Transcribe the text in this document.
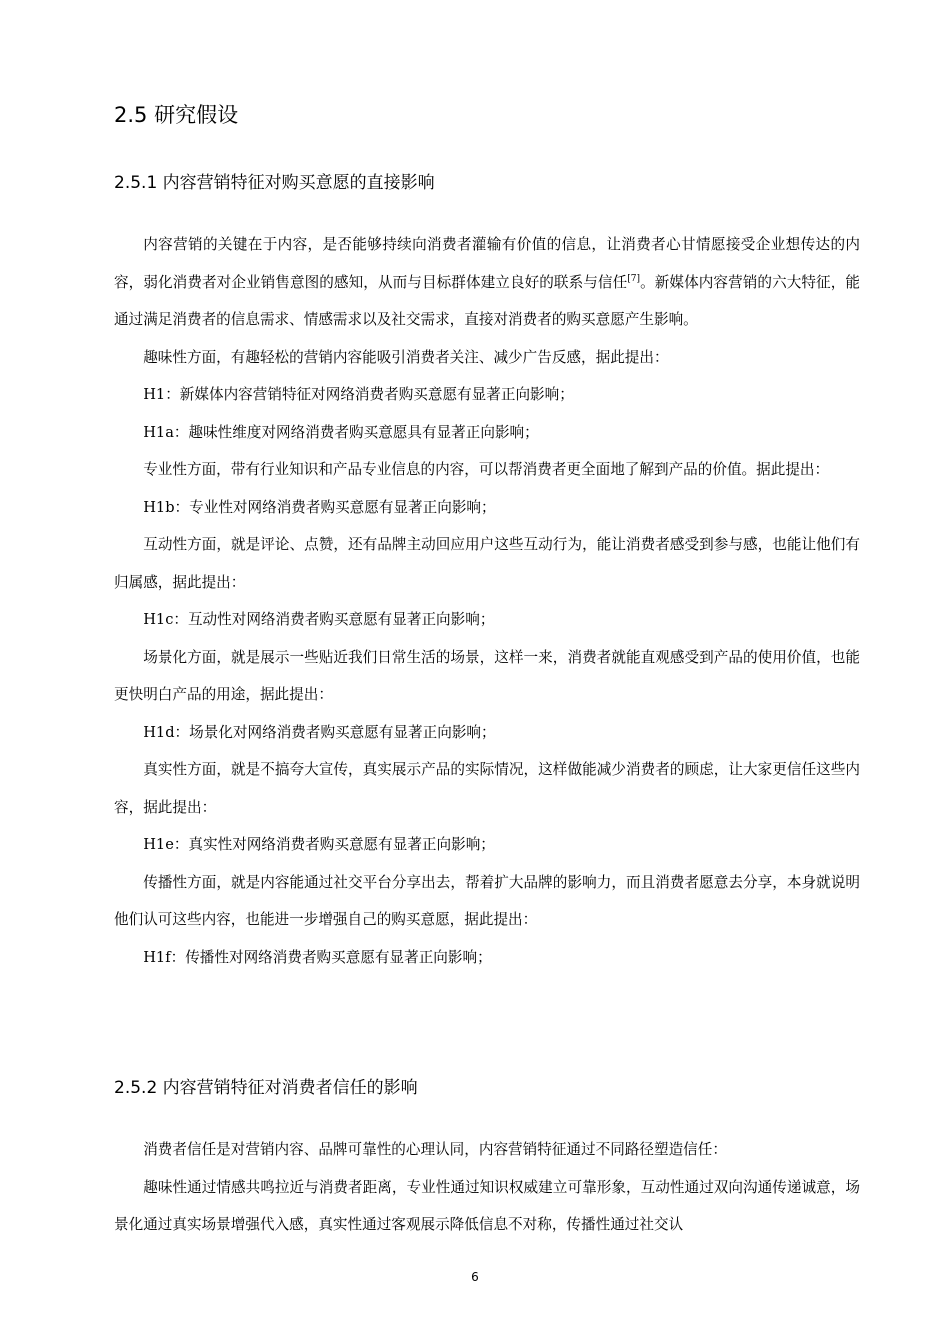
2.5 研究假设
2.5.1 内容营销特征对购买意愿的直接影响

内容营销的关键在于内容，是否能够持续向消费者灌输有价值的信息，让消费者心甘情愿接受企业想传达的内容，弱化消费者对企业销售意图的感知，从而与目标群体建立良好的联系与信任[7]。新媒体内容营销的六大特征，能通过满足消费者的信息需求、情感需求以及社交需求，直接对消费者的购买意愿产生影响。

趣味性方面，有趣轻松的营销内容能吸引消费者关注、减少广告反感，据此提出：

H1：新媒体内容营销特征对网络消费者购买意愿有显著正向影响；

H1a：趣味性维度对网络消费者购买意愿具有显著正向影响；

专业性方面，带有行业知识和产品专业信息的内容，可以帮消费者更全面地了解到产品的价值。据此提出：

H1b：专业性对网络消费者购买意愿有显著正向影响；

互动性方面，就是评论、点赞，还有品牌主动回应用户这些互动行为，能让消费者感受到参与感，也能让他们有归属感，据此提出：

H1c：互动性对网络消费者购买意愿有显著正向影响；

场景化方面，就是展示一些贴近我们日常生活的场景，这样一来，消费者就能直观感受到产品的使用价值，也能更快明白产品的用途，据此提出：

H1d：场景化对网络消费者购买意愿有显著正向影响；

真实性方面，就是不搞夸大宣传，真实展示产品的实际情况，这样做能减少消费者的顾虑，让大家更信任这些内容，据此提出：

H1e：真实性对网络消费者购买意愿有显著正向影响；

传播性方面，就是内容能通过社交平台分享出去，帮着扩大品牌的影响力，而且消费者愿意去分享，本身就说明他们认可这些内容，也能进一步增强自己的购买意愿，据此提出：

H1f：传播性对网络消费者购买意愿有显著正向影响；

2.5.2 内容营销特征对消费者信任的影响

消费者信任是对营销内容、品牌可靠性的心理认同，内容营销特征通过不同路径塑造信任：

趣味性通过情感共鸣拉近与消费者距离，专业性通过知识权威建立可靠形象，互动性通过双向沟通传递诚意，场景化通过真实场景增强代入感，真实性通过客观展示降低信息不对称，传播性通过社交认

6
